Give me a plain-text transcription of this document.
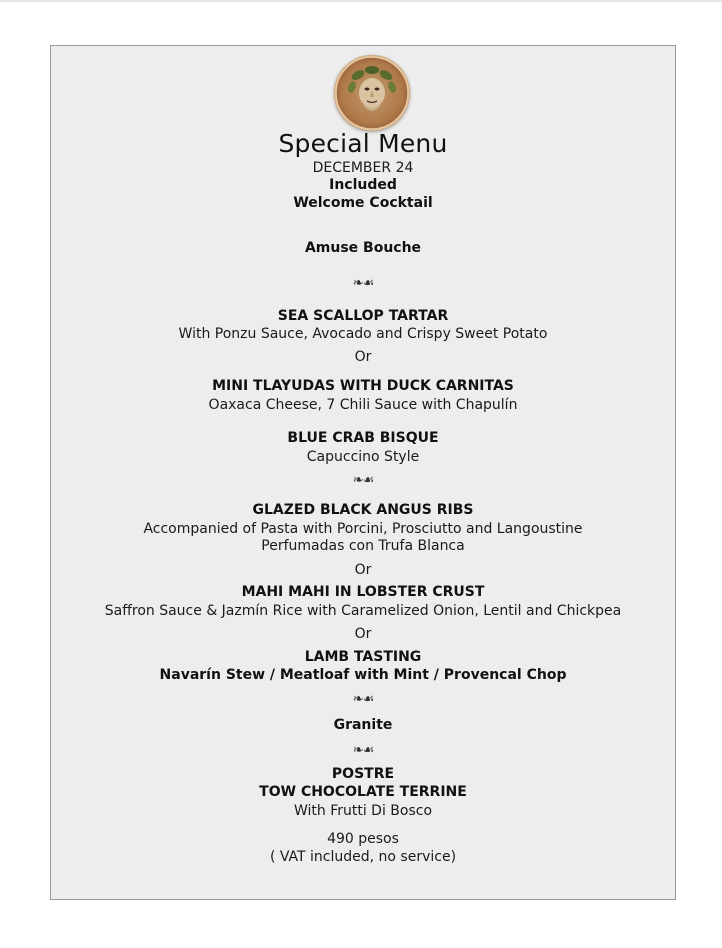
Special Menu
DECEMBER 24
Included
Welcome Cocktail
Amuse Bouche
❧☙
SEA SCALLOP TARTAR
With Ponzu Sauce, Avocado and Crispy Sweet Potato
Or
MINI TLAYUDAS WITH DUCK CARNITAS
Oaxaca Cheese, 7 Chili Sauce with Chapulín
BLUE CRAB BISQUE
Capuccino Style
❧☙
GLAZED BLACK ANGUS RIBS
Accompanied of Pasta with Porcini, Prosciutto and Langoustine
Perfumadas con Trufa Blanca
Or
MAHI MAHI IN LOBSTER CRUST
Saffron Sauce & Jazmín Rice with Caramelized Onion, Lentil and Chickpea
Or
LAMB TASTING
Navarín Stew / Meatloaf with Mint / Provencal Chop
❧☙
Granite
❧☙
POSTRE
TOW CHOCOLATE TERRINE
With Frutti Di Bosco
490 pesos
( VAT included, no service)
